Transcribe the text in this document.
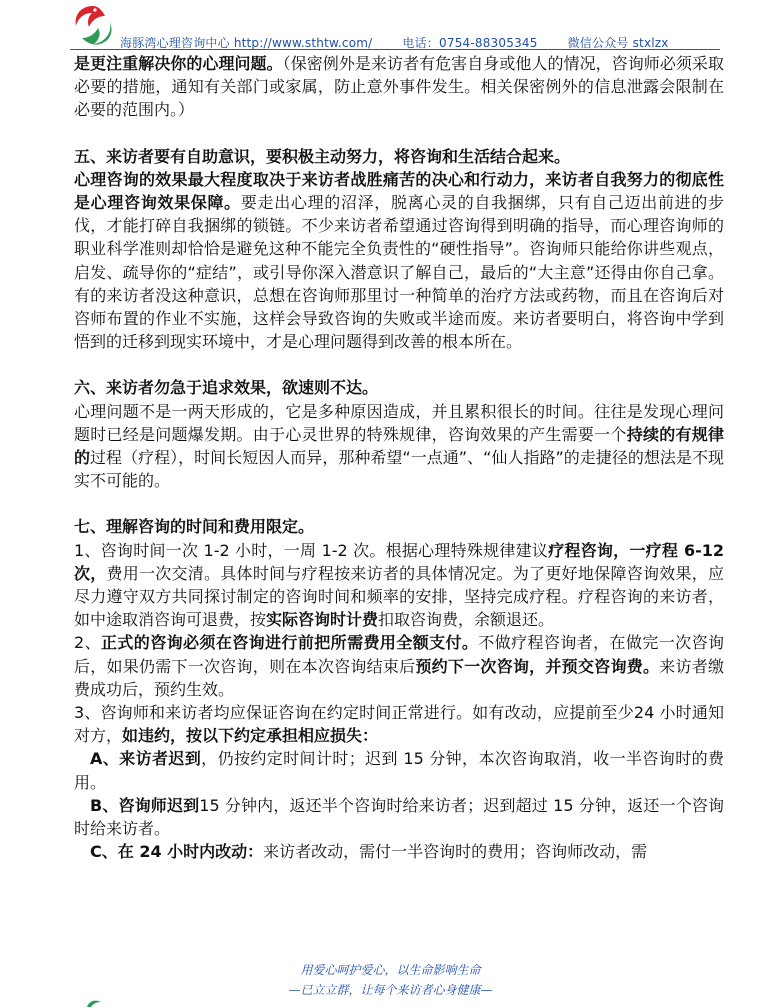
海豚湾心理咨询中心 http://www.sthtw.com/	电话：0754-88305345	微信公众号 stxlzx

是更注重解决你的心理问题。（保密例外是来访者有危害自身或他人的情况，咨询师必须采取必要的措施，通知有关部门或家属，防止意外事件发生。相关保密例外的信息泄露会限制在必要的范围内。）

五、来访者要有自助意识，要积极主动努力，将咨询和生活结合起来。

心理咨询的效果最大程度取决于来访者战胜痛苦的决心和行动力，来访者自我努力的彻底性是心理咨询效果保障。要走出心理的沼泽，脱离心灵的自我捆绑，只有自己迈出前进的步伐，才能打碎自我捆绑的锁链。不少来访者希望通过咨询得到明确的指导，而心理咨询师的职业科学准则却恰恰是避免这种不能完全负责性的“硬性指导”。咨询师只能给你讲些观点，启发、疏导你的“症结”，或引导你深入潜意识了解自己，最后的“大主意”还得由你自己拿。有的来访者没这种意识，总想在咨询师那里讨一种简单的治疗方法或药物，而且在咨询后对咨师布置的作业不实施，这样会导致咨询的失败或半途而废。来访者要明白，将咨询中学到悟到的迁移到现实环境中，才是心理问题得到改善的根本所在。

六、来访者勿急于追求效果，欲速则不达。

心理问题不是一两天形成的，它是多种原因造成，并且累积很长的时间。往往是发现心理问题时已经是问题爆发期。由于心灵世界的特殊规律，咨询效果的产生需要一个持续的有规律的过程（疗程），时间长短因人而异，那种希望“一点通”、“仙人指路”的走捷径的想法是不现实不可能的。

七、理解咨询的时间和费用限定。

1、咨询时间一次 1-2 小时，一周 1-2 次。根据心理特殊规律建议疗程咨询，一疗程 6-12 次，费用一次交清。具体时间与疗程按来访者的具体情况定。为了更好地保障咨询效果，应尽力遵守双方共同探讨制定的咨询时间和频率的安排，坚持完成疗程。疗程咨询的来访者，如中途取消咨询可退费，按实际咨询时计费扣取咨询费，余额退还。

2、正式的咨询必须在咨询进行前把所需费用全额支付。不做疗程咨询者，在做完一次咨询后，如果仍需下一次咨询，则在本次咨询结束后预约下一次咨询，并预交咨询费。来访者缴费成功后，预约生效。

3、咨询师和来访者均应保证咨询在约定时间正常进行。如有改动，应提前至少24 小时通知对方，如违约，按以下约定承担相应损失：

A、来访者迟到，仍按约定时间计时；迟到 15 分钟，本次咨询取消，收一半咨询时的费用。

B、咨询师迟到15 分钟内，返还半个咨询时给来访者；迟到超过 15 分钟，返还一个咨询时给来访者。

C、在 24 小时内改动：来访者改动，需付一半咨询时的费用；咨询师改动，需

用爱心呵护爱心，以生命影响生命
—已立立群，让每个来访者心身健康—
